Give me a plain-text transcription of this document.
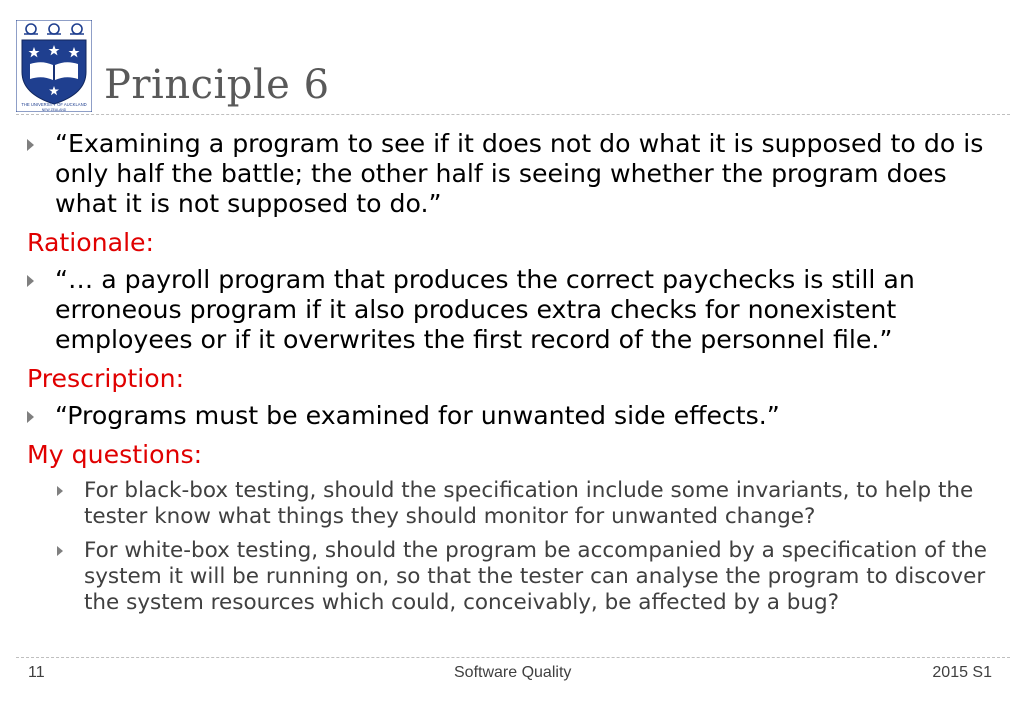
THE UNIVERSITY OF AUCKLAND
NEW ZEALAND
Principle 6
“Examining a program to see if it does not do what it is supposed to do is only half the battle; the other half is seeing whether the program does what it is not supposed to do.”
Rationale:
“… a payroll program that produces the correct paychecks is still an erroneous program if it also produces extra checks for nonexistent employees or if it overwrites the first record of the personnel file.”
Prescription:
“Programs must be examined for unwanted side effects.”
My questions:
For black-box testing, should the specification include some invariants, to help the tester know what things they should monitor for unwanted change?
For white-box testing, should the program be accompanied by a specification of the system it will be running on, so that the tester can analyse the program to discover the system resources which could, conceivably, be affected by a bug?
11	Software Quality	2015 S1
